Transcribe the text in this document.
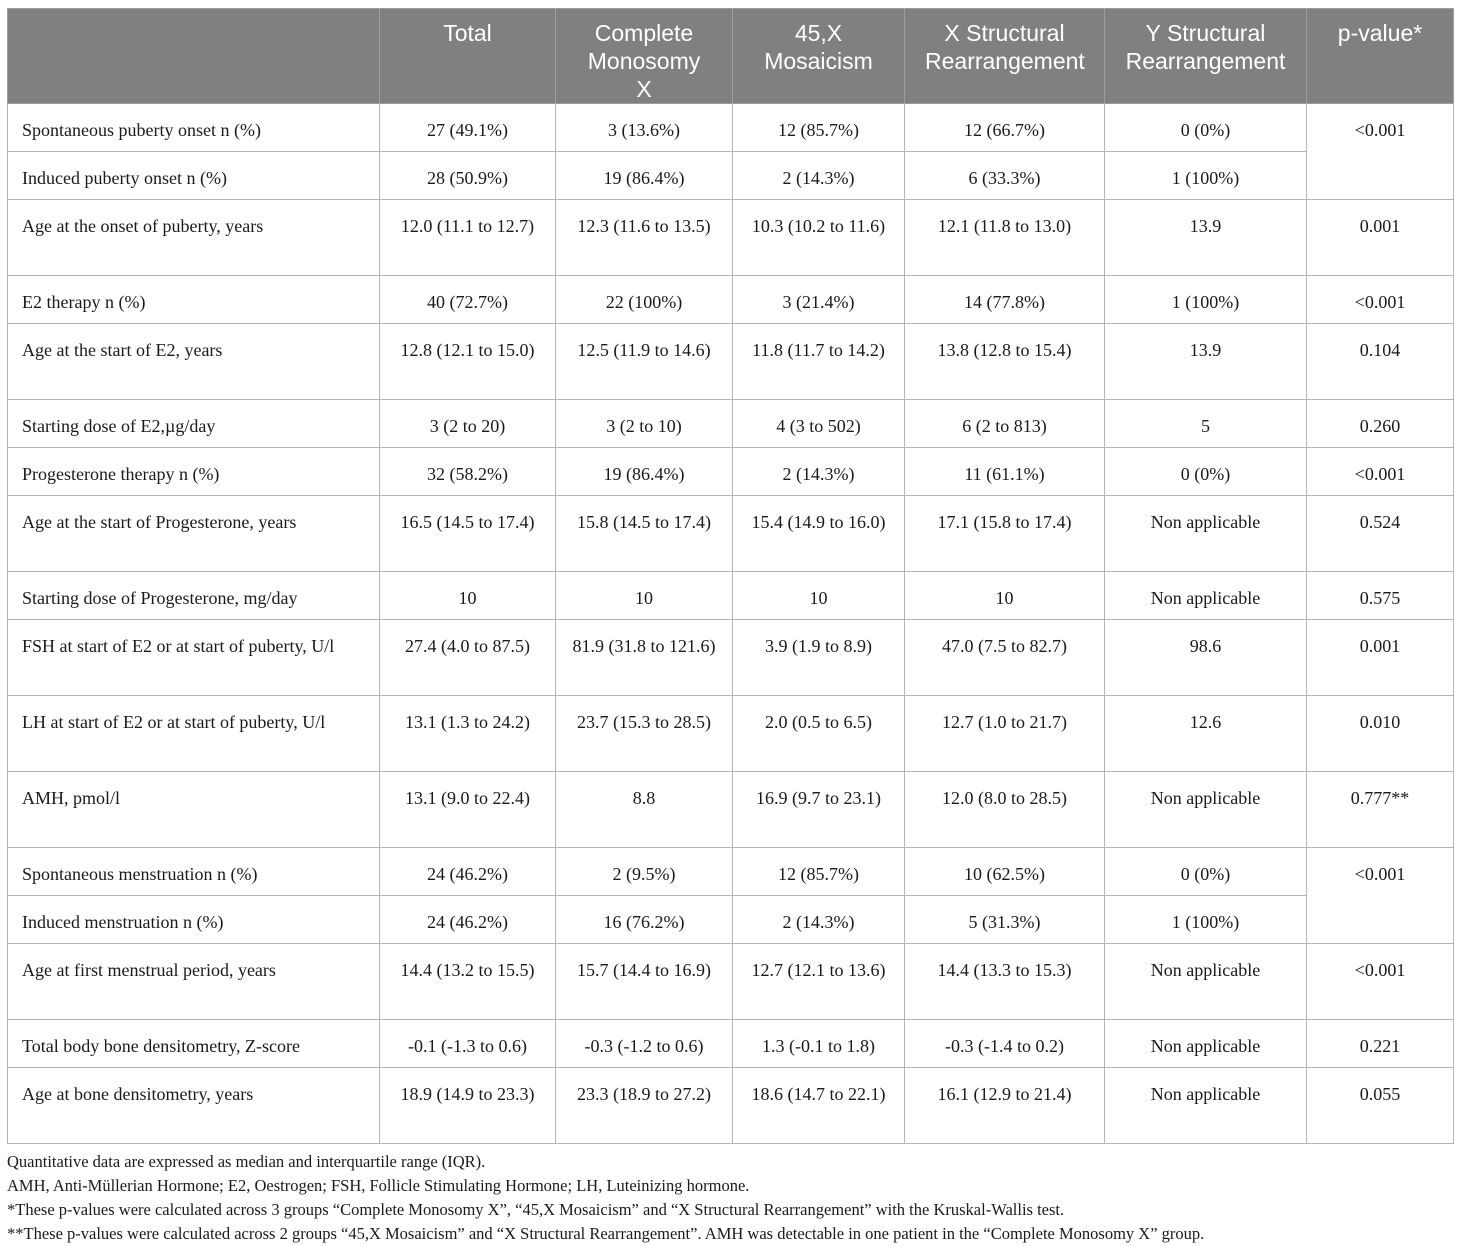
	Total	Complete Monosomy X	45,X Mosaicism	X Structural Rearrangement	Y Structural Rearrangement	p-value*
Spontaneous puberty onset n (%)	27 (49.1%)	3 (13.6%)	12 (85.7%)	12 (66.7%)	0 (0%)	<0.001
Induced puberty onset n (%)	28 (50.9%)	19 (86.4%)	2 (14.3%)	6 (33.3%)	1 (100%)	
Age at the onset of puberty, years	12.0 (11.1 to 12.7)	12.3 (11.6 to 13.5)	10.3 (10.2 to 11.6)	12.1 (11.8 to 13.0)	13.9	0.001
E2 therapy n (%)	40 (72.7%)	22 (100%)	3 (21.4%)	14 (77.8%)	1 (100%)	<0.001
Age at the start of E2, years	12.8 (12.1 to 15.0)	12.5 (11.9 to 14.6)	11.8 (11.7 to 14.2)	13.8 (12.8 to 15.4)	13.9	0.104
Starting dose of E2,µg/day	3 (2 to 20)	3 (2 to 10)	4 (3 to 502)	6 (2 to 813)	5	0.260
Progesterone therapy n (%)	32 (58.2%)	19 (86.4%)	2 (14.3%)	11 (61.1%)	0 (0%)	<0.001
Age at the start of Progesterone, years	16.5 (14.5 to 17.4)	15.8 (14.5 to 17.4)	15.4 (14.9 to 16.0)	17.1 (15.8 to 17.4)	Non applicable	0.524
Starting dose of Progesterone, mg/day	10	10	10	10	Non applicable	0.575
FSH at start of E2 or at start of puberty, U/l	27.4 (4.0 to 87.5)	81.9 (31.8 to 121.6)	3.9 (1.9 to 8.9)	47.0 (7.5 to 82.7)	98.6	0.001
LH at start of E2 or at start of puberty, U/l	13.1 (1.3 to 24.2)	23.7 (15.3 to 28.5)	2.0 (0.5 to 6.5)	12.7 (1.0 to 21.7)	12.6	0.010
AMH, pmol/l	13.1 (9.0 to 22.4)	8.8	16.9 (9.7 to 23.1)	12.0 (8.0 to 28.5)	Non applicable	0.777**
Spontaneous menstruation n (%)	24 (46.2%)	2 (9.5%)	12 (85.7%)	10 (62.5%)	0 (0%)	<0.001
Induced menstruation n (%)	24 (46.2%)	16 (76.2%)	2 (14.3%)	5 (31.3%)	1 (100%)	
Age at first menstrual period, years	14.4 (13.2 to 15.5)	15.7 (14.4 to 16.9)	12.7 (12.1 to 13.6)	14.4 (13.3 to 15.3)	Non applicable	<0.001
Total body bone densitometry, Z-score	-0.1 (-1.3 to 0.6)	-0.3 (-1.2 to 0.6)	1.3 (-0.1 to 1.8)	-0.3 (-1.4 to 0.2)	Non applicable	0.221
Age at bone densitometry, years	18.9 (14.9 to 23.3)	23.3 (18.9 to 27.2)	18.6 (14.7 to 22.1)	16.1 (12.9 to 21.4)	Non applicable	0.055
Quantitative data are expressed as median and interquartile range (IQR).
AMH, Anti-Müllerian Hormone; E2, Oestrogen; FSH, Follicle Stimulating Hormone; LH, Luteinizing hormone.
*These p-values were calculated across 3 groups “Complete Monosomy X”, “45,X Mosaicism” and “X Structural Rearrangement” with the Kruskal-Wallis test.
**These p-values were calculated across 2 groups “45,X Mosaicism” and “X Structural Rearrangement”. AMH was detectable in one patient in the “Complete Monosomy X” group.
